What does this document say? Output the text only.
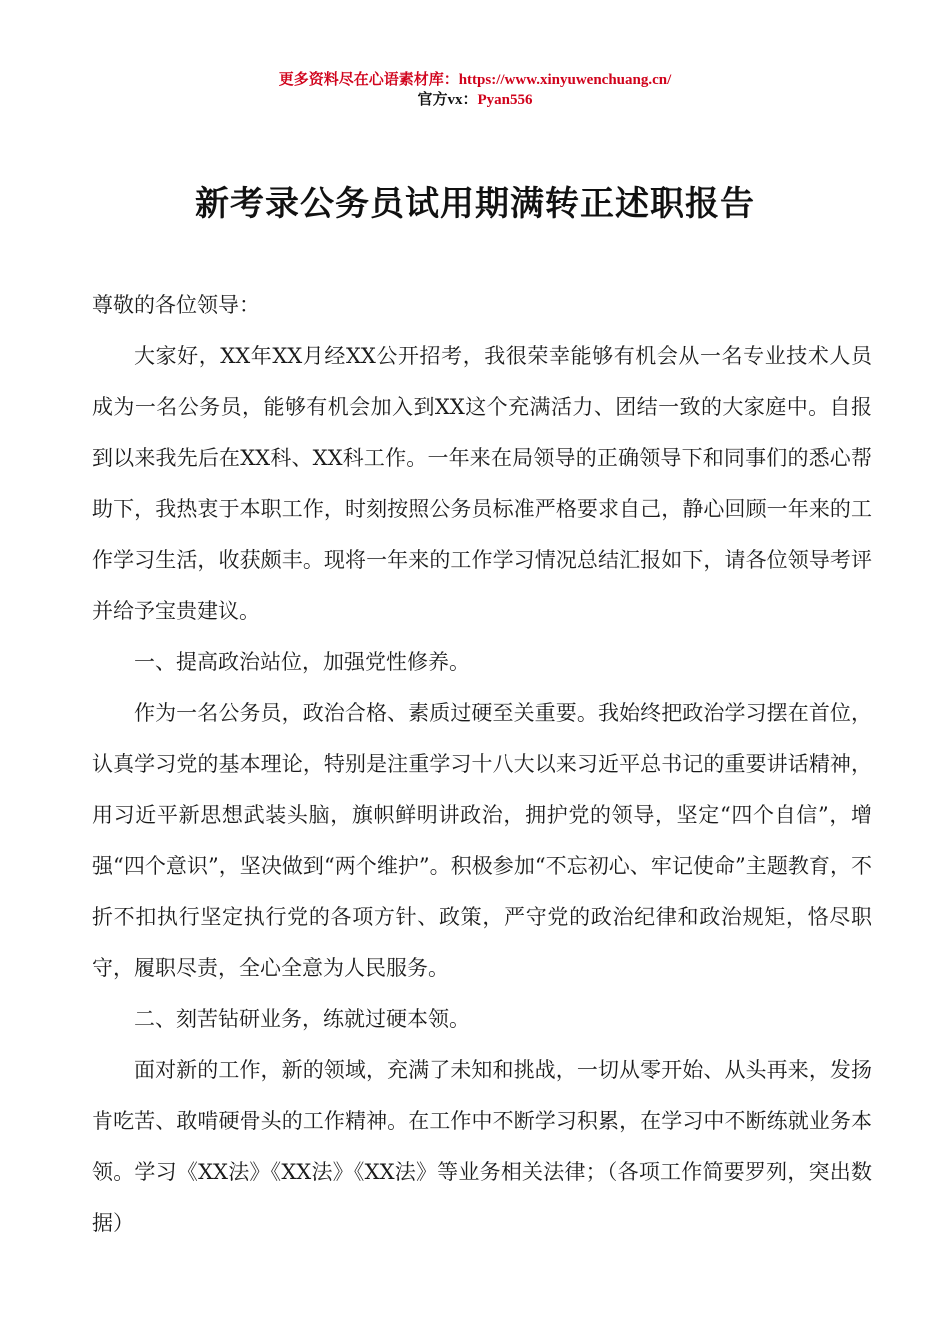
更多资料尽在心语素材库：https://www.xinyuwenchuang.cn/
官方vx：Pyan556
新考录公务员试用期满转正述职报告

尊敬的各位领导：

大家好，XX年XX月经XX公开招考，我很荣幸能够有机会从一名专业技术人员成为一名公务员，能够有机会加入到XX这个充满活力、团结一致的大家庭中。自报到以来我先后在XX科、XX科工作。一年来在局领导的正确领导下和同事们的悉心帮助下，我热衷于本职工作，时刻按照公务员标准严格要求自己，静心回顾一年来的工作学习生活，收获颇丰。现将一年来的工作学习情况总结汇报如下，请各位领导考评并给予宝贵建议。

一、提高政治站位，加强党性修养。

作为一名公务员，政治合格、素质过硬至关重要。我始终把政治学习摆在首位，认真学习党的基本理论，特别是注重学习十八大以来习近平总书记的重要讲话精神，用习近平新思想武装头脑，旗帜鲜明讲政治，拥护党的领导，坚定“四个自信”，增强“四个意识”，坚决做到“两个维护”。积极参加“不忘初心、牢记使命”主题教育，不折不扣执行坚定执行党的各项方针、政策，严守党的政治纪律和政治规矩，恪尽职守，履职尽责，全心全意为人民服务。

二、刻苦钻研业务，练就过硬本领。

面对新的工作，新的领域，充满了未知和挑战，一切从零开始、从头再来，发扬肯吃苦、敢啃硬骨头的工作精神。在工作中不断学习积累，在学习中不断练就业务本领。学习《XX法》《XX法》《XX法》等业务相关法律；（各项工作简要罗列，突出数据）
